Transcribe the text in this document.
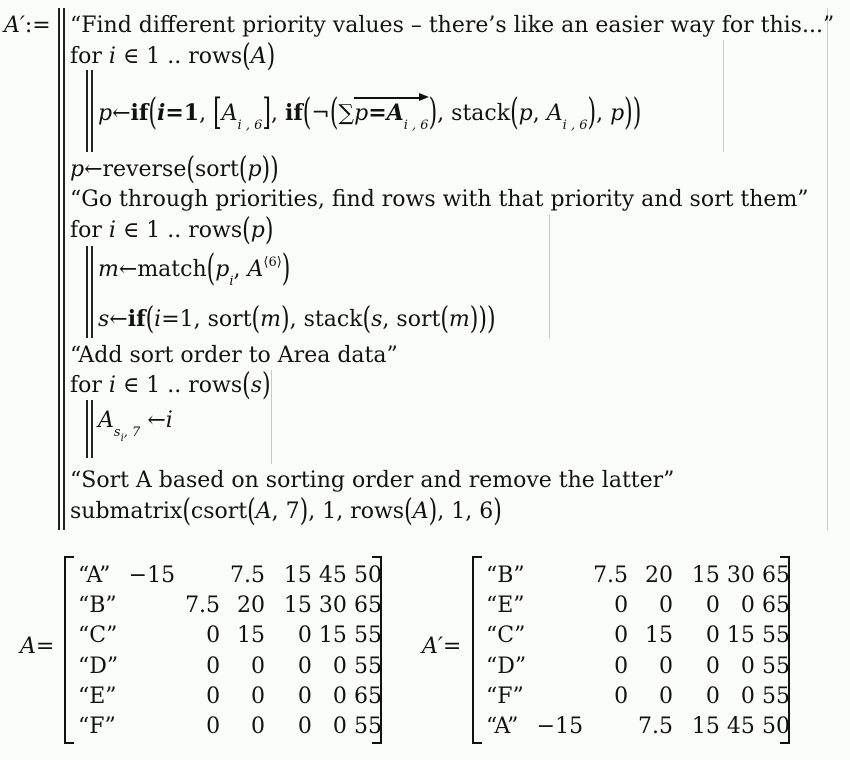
A′:= “Find different priority values – there’s like an easier way for this...”
for i ∈ 1 .. rows(A)
p←if(i=1, $[A_{i , 6}]$, $if(\neg(\sum p=A_{i , 6})$, stack(p, $A_{i , 6}$), p))
p←reverse(sort(p))
“Go through priorities, find rows with that priority and sort them”
for i ∈ 1 .. rows(p)
$m\leftarrow match(p_i$, $A^{⟨6⟩}$)
s←if(i=1, sort(m), stack(s, sort(m)))
“Add sort order to Area data”
for i ∈ 1 .. rows(s)
$A_{s_i, 7}$ ←i
“Sort A based on sorting order and remove the latter”
submatrix(csort(A, 7), 1, rows(A), 1, 6)
A=
“A”	−15		7.5	15	45	50
“B”		7.5	20	15	30	65
“C”		0	15	0	15	55
“D”		0	0	0	0	55
“E”		0	0	0	0	65
“F”		0	0	0	0	55
A′=
“B”		7.5	20	15	30	65
“E”		0	0	0	0	65
“C”		0	15	0	15	55
“D”		0	0	0	0	55
“F”		0	0	0	0	55
“A”	−15		7.5	15	45	50
